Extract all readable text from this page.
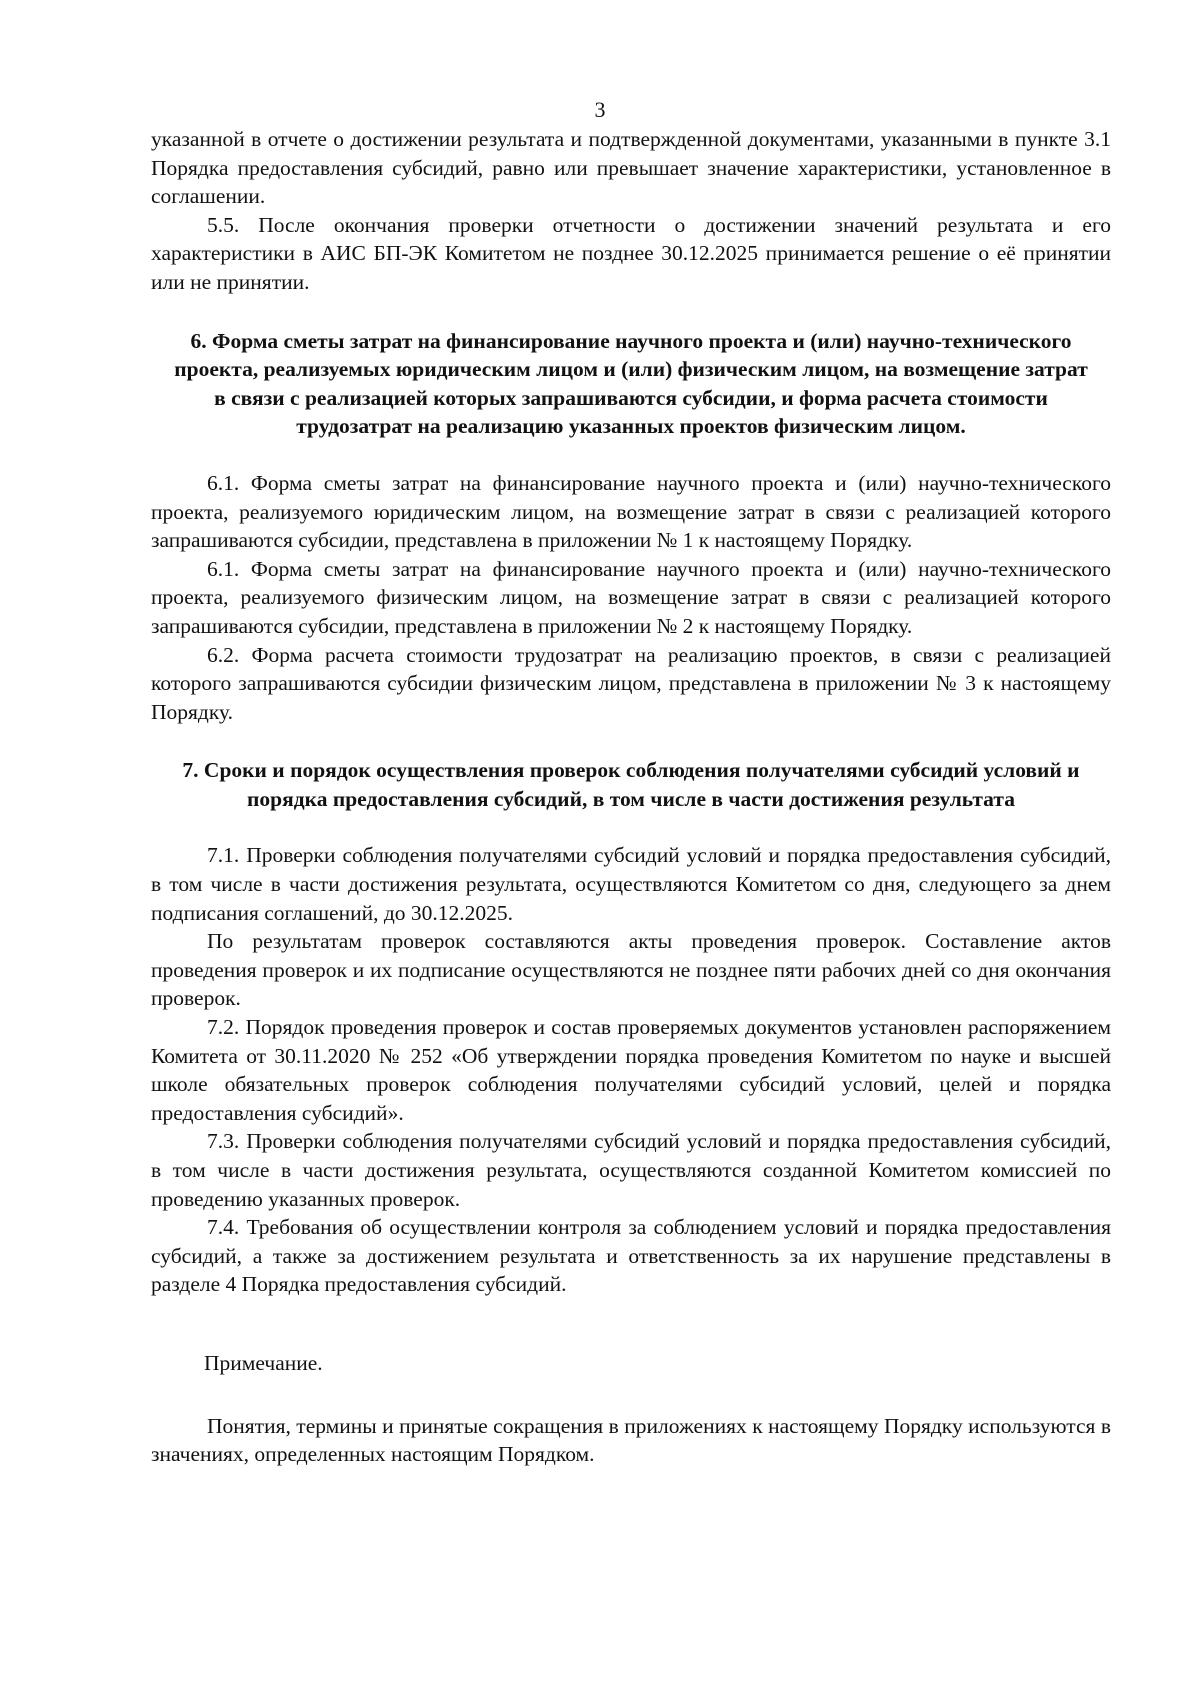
3

указанной в отчете о достижении результата и подтвержденной документами, указанными в пункте 3.1 Порядка предоставления субсидий, равно или превышает значение характеристики, установленное в соглашении.

5.5. После окончания проверки отчетности о достижении значений результата и его характеристики в АИС БП-ЭК Комитетом не позднее 30.12.2025 принимается решение о её принятии или не принятии.

6. Форма сметы затрат на финансирование научного проекта и (или) научно-технического проекта, реализуемых юридическим лицом и (или) физическим лицом, на возмещение затрат в связи с реализацией которых запрашиваются субсидии, и форма расчета стоимости трудозатрат на реализацию указанных проектов физическим лицом.

6.1. Форма сметы затрат на финансирование научного проекта и (или) научно-технического проекта, реализуемого юридическим лицом, на возмещение затрат в связи с реализацией которого запрашиваются субсидии, представлена в приложении № 1 к настоящему Порядку.

6.1. Форма сметы затрат на финансирование научного проекта и (или) научно-технического проекта, реализуемого физическим лицом, на возмещение затрат в связи с реализацией которого запрашиваются субсидии, представлена в приложении № 2 к настоящему Порядку.

6.2. Форма расчета стоимости трудозатрат на реализацию проектов, в связи с реализацией которого запрашиваются субсидии физическим лицом, представлена в приложении № 3 к настоящему Порядку.

7. Сроки и порядок осуществления проверок соблюдения получателями субсидий условий и порядка предоставления субсидий, в том числе в части достижения результата

7.1. Проверки соблюдения получателями субсидий условий и порядка предоставления субсидий, в том числе в части достижения результата, осуществляются Комитетом со дня, следующего за днем подписания соглашений, до 30.12.2025.

По результатам проверок составляются акты проведения проверок. Составление актов проведения проверок и их подписание осуществляются не позднее пяти рабочих дней со дня окончания проверок.

7.2. Порядок проведения проверок и состав проверяемых документов установлен распоряжением Комитета от 30.11.2020 № 252 «Об утверждении порядка проведения Комитетом по науке и высшей школе обязательных проверок соблюдения получателями субсидий условий, целей и порядка предоставления субсидий».

7.3. Проверки соблюдения получателями субсидий условий и порядка предоставления субсидий, в том числе в части достижения результата, осуществляются созданной Комитетом комиссией по проведению указанных проверок.

7.4. Требования об осуществлении контроля за соблюдением условий и порядка предоставления субсидий, а также за достижением результата и ответственность за их нарушение представлены в разделе 4 Порядка предоставления субсидий.

Примечание.

Понятия, термины и принятые сокращения в приложениях к настоящему Порядку используются в значениях, определенных настоящим Порядком.
